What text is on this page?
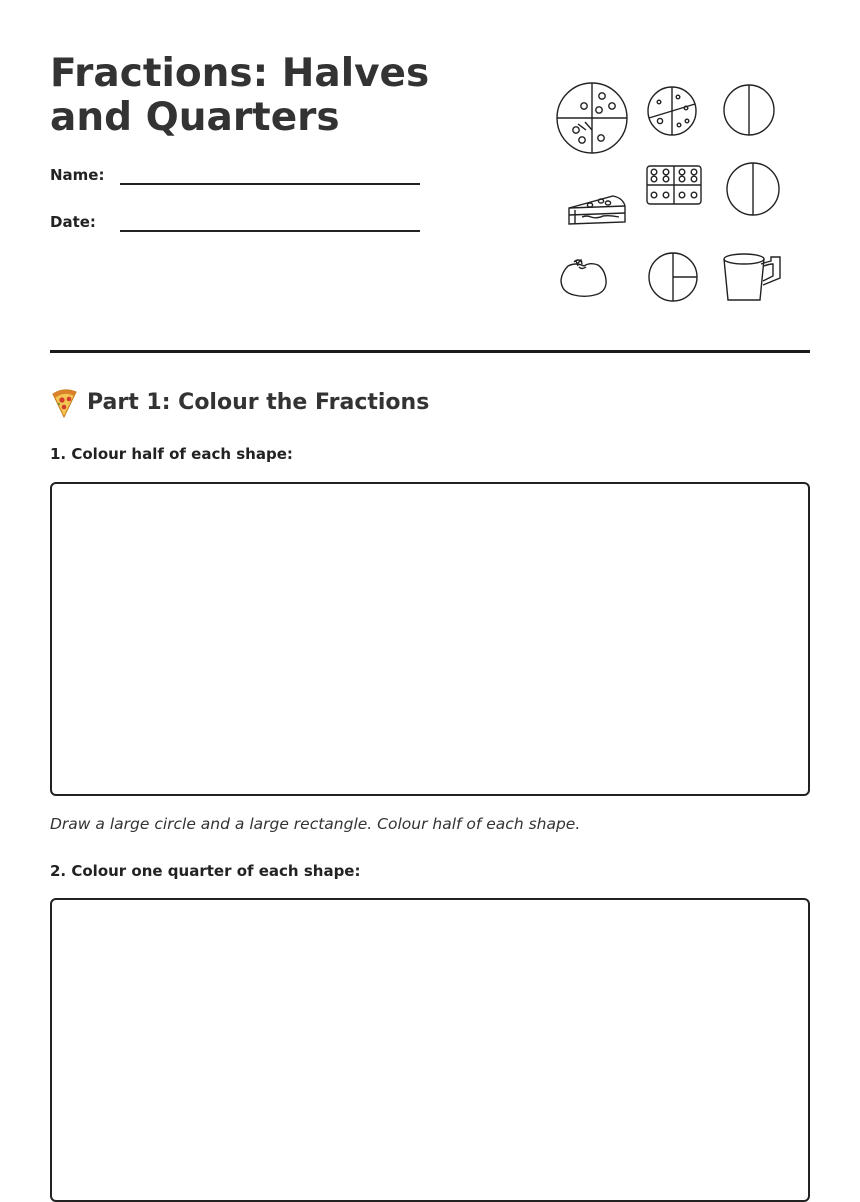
Fractions: Halves and Quarters
Name:
Date:
Part 1: Colour the Fractions
1. Colour half of each shape:
Draw a large circle and a large rectangle. Colour half of each shape.
2. Colour one quarter of each shape:
